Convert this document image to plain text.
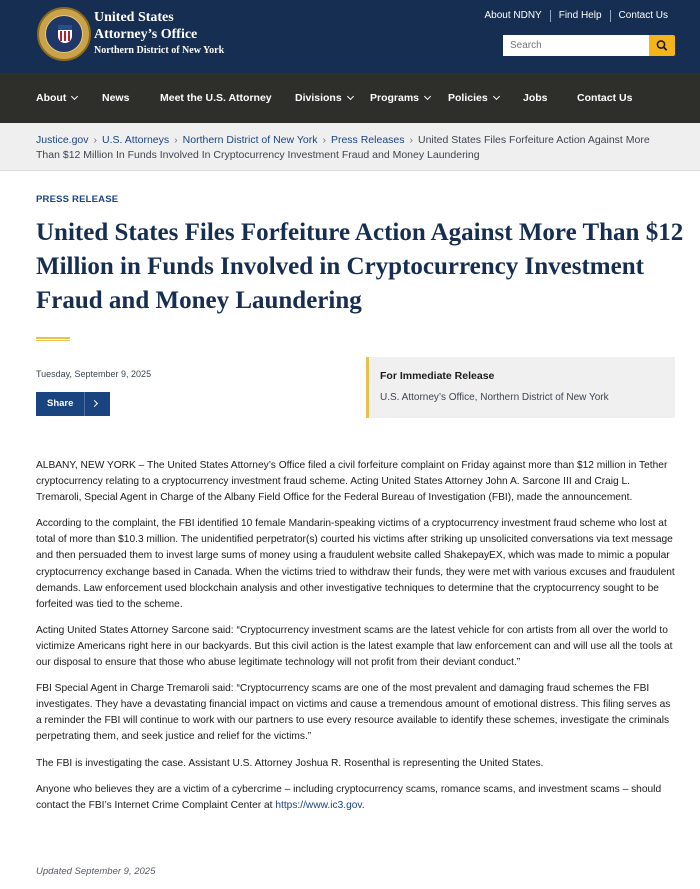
United States
Attorney’s Office
Northern District of New York
About NDNY	Find Help	Contact Us
Search
About	News	Meet the U.S. Attorney Divisions	Programs	Policies	Jobs	Contact Us
Justice.gov › U.S. Attorneys › Northern District of New York › Press Releases › United States Files Forfeiture Action Against More Than $12 Million In Funds Involved In Cryptocurrency Investment Fraud and Money Laundering
PRESS RELEASE
United States Files Forfeiture Action Against More Than $12 Million in Funds Involved in Cryptocurrency Investment Fraud and Money Laundering
Tuesday, September 9, 2025
Share
For Immediate Release
U.S. Attorney’s Office, Northern District of New York

ALBANY, NEW YORK – The United States Attorney’s Office filed a civil forfeiture complaint on Friday against more than $12 million in Tether cryptocurrency relating to a cryptocurrency investment fraud scheme. Acting United States Attorney John A. Sarcone III and Craig L. Tremaroli, Special Agent in Charge of the Albany Field Office for the Federal Bureau of Investigation (FBI), made the announcement.

According to the complaint, the FBI identified 10 female Mandarin-speaking victims of a cryptocurrency investment fraud scheme who lost at total of more than $10.3 million. The unidentified perpetrator(s) courted his victims after striking up unsolicited conversations via text message and then persuaded them to invest large sums of money using a fraudulent website called ShakepayEX, which was made to mimic a popular cryptocurrency exchange based in Canada. When the victims tried to withdraw their funds, they were met with various excuses and fraudulent demands. Law enforcement used blockchain analysis and other investigative techniques to determine that the cryptocurrency sought to be forfeited was tied to the scheme.

Acting United States Attorney Sarcone said: “Cryptocurrency investment scams are the latest vehicle for con artists from all over the world to victimize Americans right here in our backyards. But this civil action is the latest example that law enforcement can and will use all the tools at our disposal to ensure that those who abuse legitimate technology will not profit from their deviant conduct.”

FBI Special Agent in Charge Tremaroli said: “Cryptocurrency scams are one of the most prevalent and damaging fraud schemes the FBI investigates. They have a devastating financial impact on victims and cause a tremendous amount of emotional distress. This filing serves as a reminder the FBI will continue to work with our partners to use every resource available to identify these schemes, investigate the criminals perpetrating them, and seek justice and relief for the victims.”

The FBI is investigating the case. Assistant U.S. Attorney Joshua R. Rosenthal is representing the United States.

Anyone who believes they are a victim of a cybercrime – including cryptocurrency scams, romance scams, and investment scams – should contact the FBI’s Internet Crime Complaint Center at https://www.ic3.gov.

Updated September 9, 2025
